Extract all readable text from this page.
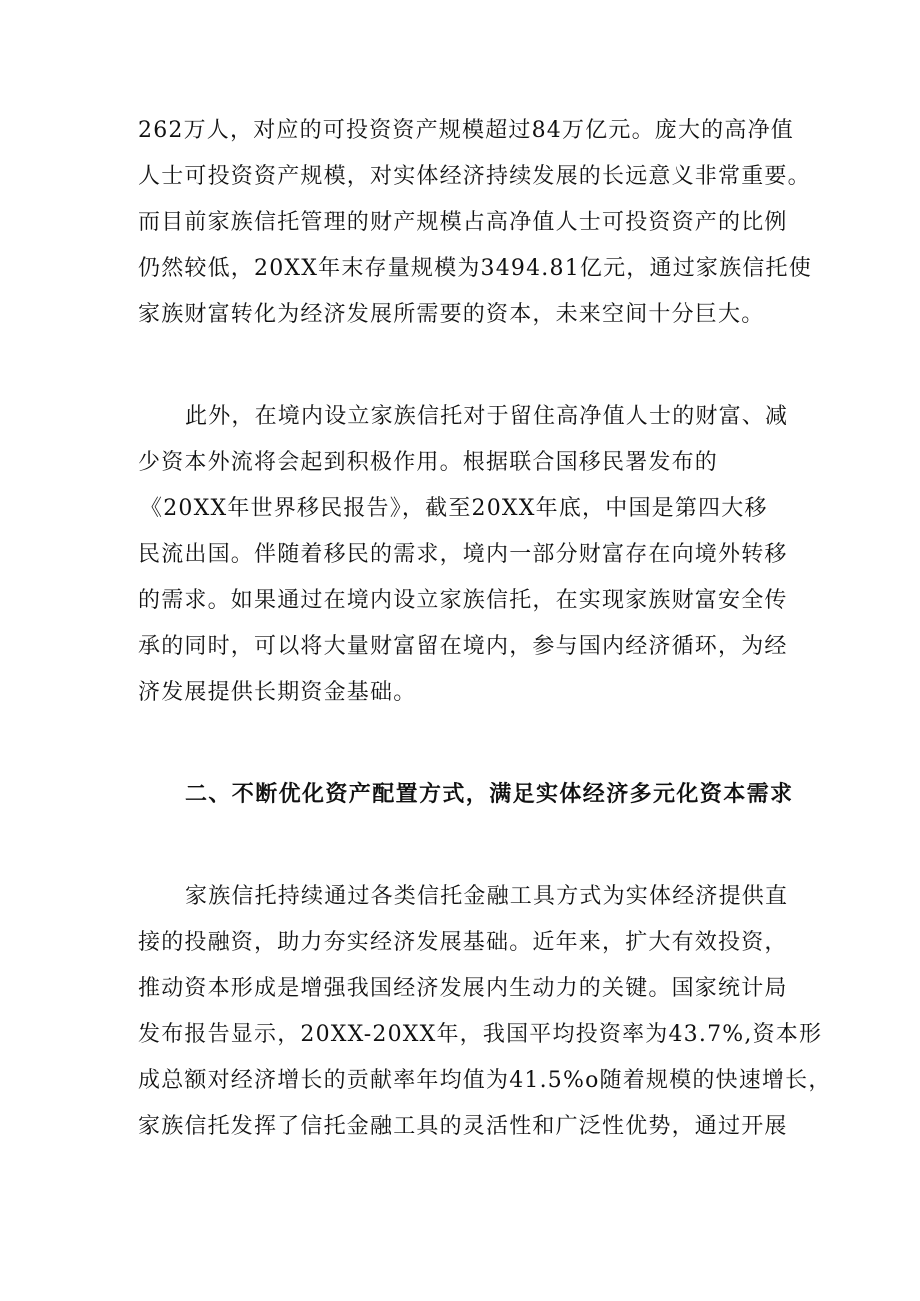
262万人，对应的可投资资产规模超过84万亿元。庞大的高净值
人士可投资资产规模，对实体经济持续发展的长远意义非常重要。
而目前家族信托管理的财产规模占高净值人士可投资资产的比例
仍然较低，20XX年末存量规模为3494.81亿元，通过家族信托使
家族财富转化为经济发展所需要的资本，未来空间十分巨大。
此外，在境内设立家族信托对于留住高净值人士的财富、减
少资本外流将会起到积极作用。根据联合国移民署发布的
《20XX年世界移民报告》，截至20XX年底，中国是第四大移
民流出国。伴随着移民的需求，境内一部分财富存在向境外转移
的需求。如果通过在境内设立家族信托，在实现家族财富安全传
承的同时，可以将大量财富留在境内，参与国内经济循环，为经
济发展提供长期资金基础。
二、不断优化资产配置方式，满足实体经济多元化资本需求
家族信托持续通过各类信托金融工具方式为实体经济提供直
接的投融资，助力夯实经济发展基础。近年来，扩大有效投资，
推动资本形成是增强我国经济发展内生动力的关键。国家统计局
发布报告显示，20XX-20XX年，我国平均投资率为43.7%,资本形
成总额对经济增长的贡献率年均值为41.5%o随着规模的快速增长，
家族信托发挥了信托金融工具的灵活性和广泛性优势，通过开展
